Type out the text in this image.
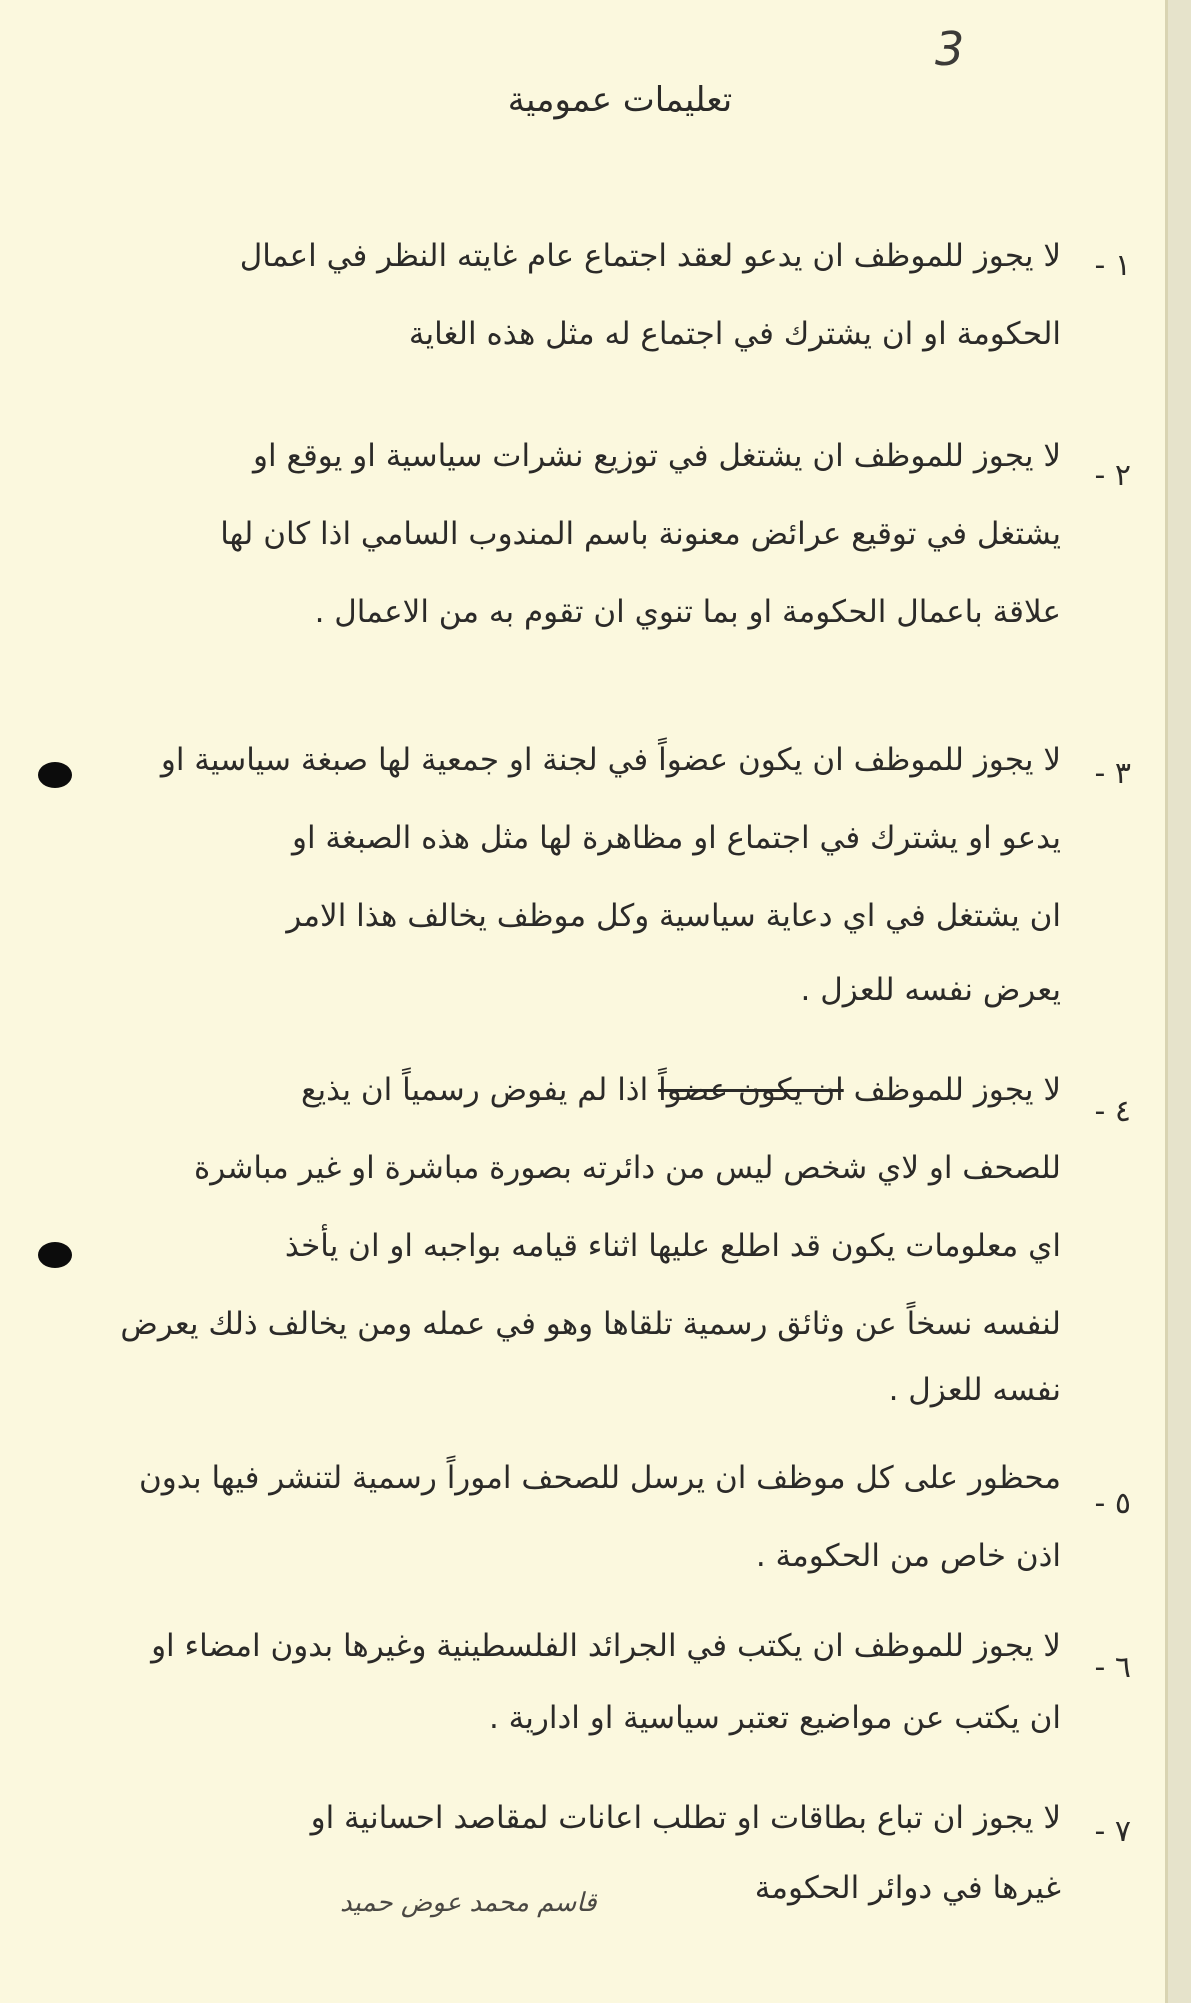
3
تعليمات عمومية
١ -
لا يجوز للموظف ان يدعو لعقد اجتماع عام غايته النظر في اعمال
الحكومة او ان يشترك في اجتماع له مثل هذه الغاية
٢ -
لا يجوز للموظف ان يشتغل في توزيع نشرات سياسية او يوقع او
يشتغل في توقيع عرائض معنونة باسم المندوب السامي اذا كان لها
علاقة باعمال الحكومة او بما تنوي ان تقوم به من الاعمال .
٣ -
لا يجوز للموظف ان يكون عضواً في لجنة او جمعية لها صبغة سياسية او
يدعو او يشترك في اجتماع او مظاهرة لها مثل هذه الصبغة او
ان يشتغل في اي دعاية سياسية وكل موظف يخالف هذا الامر
يعرض نفسه للعزل .
٤ -
لا يجوز للموظف ان يكون عضواً اذا لم يفوض رسمياً ان يذيع
للصحف او لاي شخص ليس من دائرته بصورة مباشرة او غير مباشرة
اي معلومات يكون قد اطلع عليها اثناء قيامه بواجبه او ان يأخذ
لنفسه نسخاً عن وثائق رسمية تلقاها وهو في عمله ومن يخالف ذلك يعرض
نفسه للعزل .
٥ -
محظور على كل موظف ان يرسل للصحف اموراً رسمية لتنشر فيها بدون
اذن خاص من الحكومة .
٦ -
لا يجوز للموظف ان يكتب في الجرائد الفلسطينية وغيرها بدون امضاء او
ان يكتب عن مواضيع تعتبر سياسية او ادارية .
٧ -
لا يجوز ان تباع بطاقات او تطلب اعانات لمقاصد احسانية او
غيرها في دوائر الحكومة
قاسم محمد عوض حميد
